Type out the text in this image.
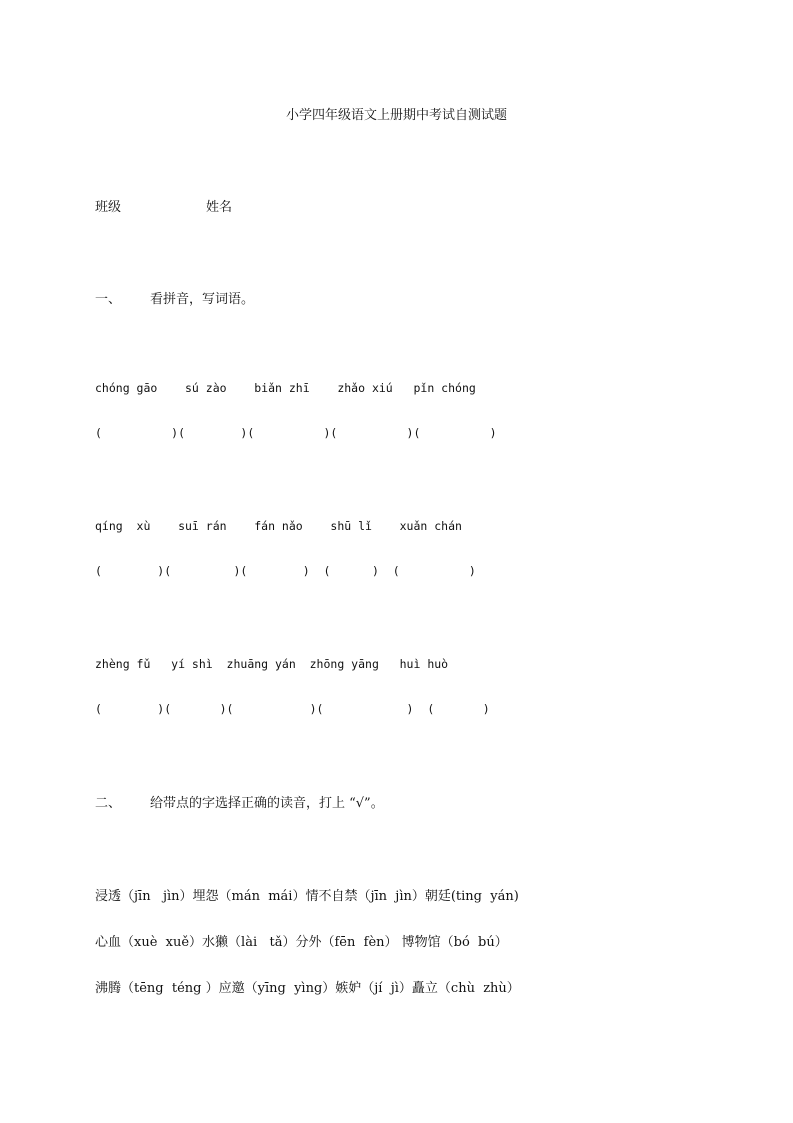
小学四年级语文上册期中考试自测试题
班级	姓名
一、 看拼音，写词语。
chóng gāo    sú zào    biǎn zhī    zhǎo xiú   pǐn chóng
(          )(        )(          )(          )(          )
qíng  xù    suī rán    fán nǎo    shū lǐ    xuǎn chán
(        )(         )(        )  (      )  (          )
zhèng fǔ   yí shì  zhuāng yán  zhōng yāng   huì huò
(        )(       )(           )(            )  (       )
二、 给带点的字选择正确的读音，打上 “√”。
浸透（jīn   jìn）埋怨（mán  mái）情不自禁（jīn  jìn）朝廷(ting  yán)
心血（xuè  xuě）水獭（lài   tǎ）分外（fēn  fèn） 博物馆（bó  bú）
沸腾（tēng  téng ）应邀（yīng  yìng）嫉妒（jí  jì）矗立（chù  zhù）
